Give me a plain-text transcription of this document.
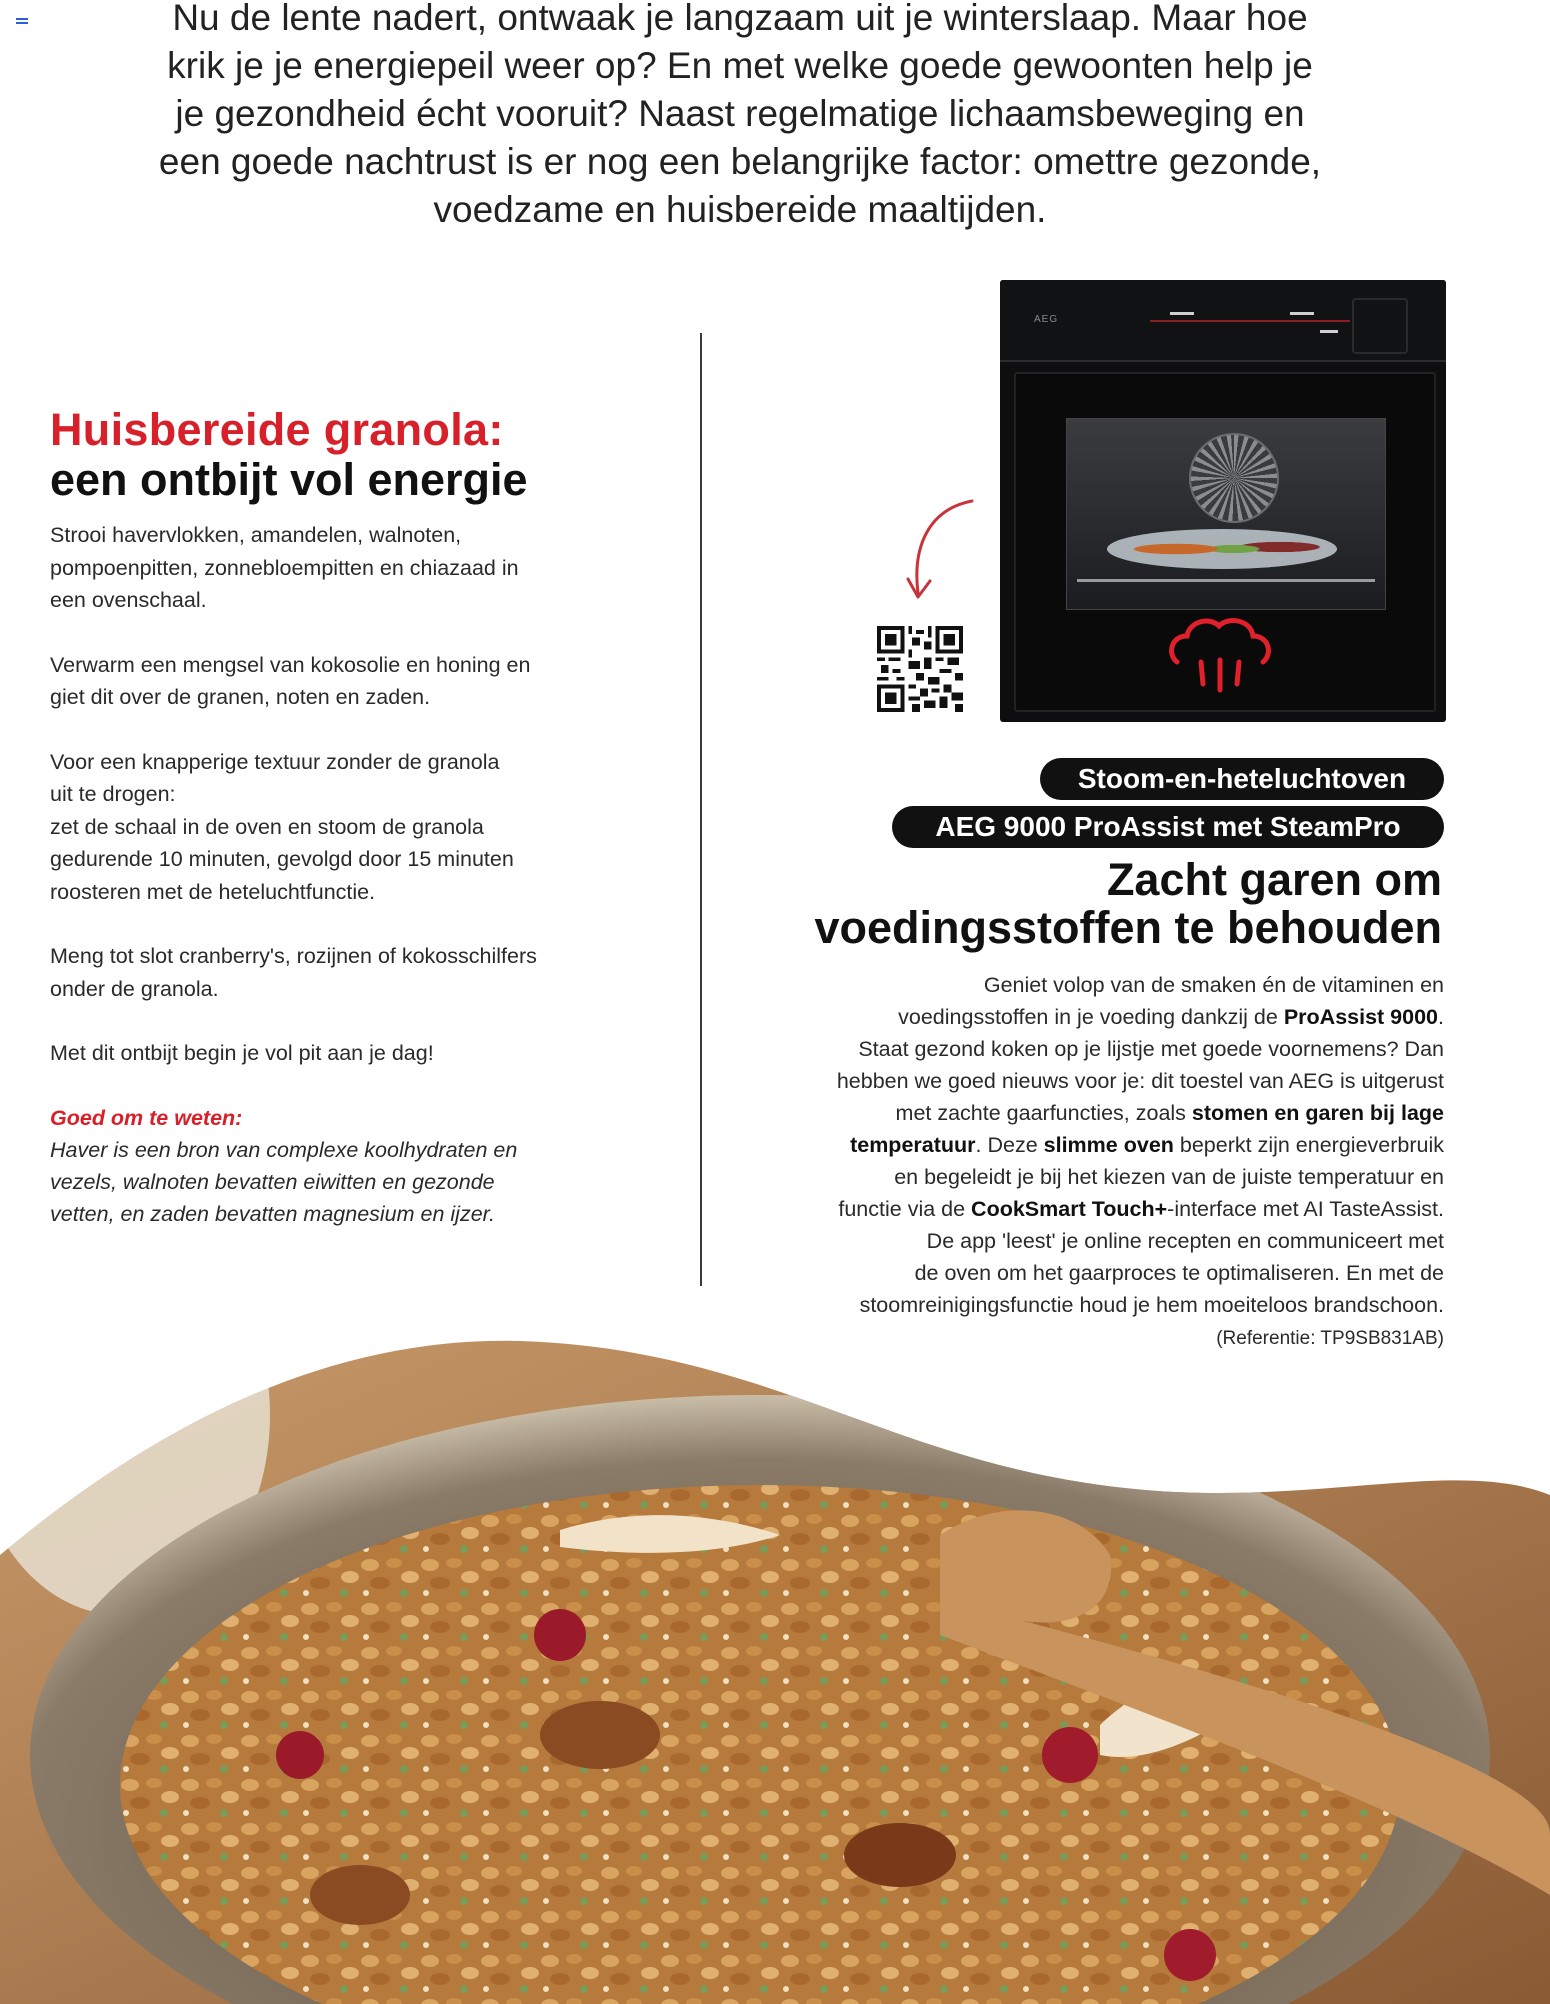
Nu de lente nadert, ontwaak je langzaam uit je winterslaap. Maar hoe
krik je je energiepeil weer op? En met welke goede gewoonten help je
je gezondheid écht vooruit? Naast regelmatige lichaamsbeweging en
een goede nachtrust is er nog een belangrijke factor: omettre gezonde,
voedzame en huisbereide maaltijden.
Huisbereide granola:
een ontbijt vol energie

Strooi havervlokken, amandelen, walnoten,
pompoenpitten, zonnebloempitten en chiazaad in
een ovenschaal.

Verwarm een mengsel van kokosolie en honing en
giet dit over de granen, noten en zaden.

Voor een knapperige textuur zonder de granola
uit te drogen:
zet de schaal in de oven en stoom de granola
gedurende 10 minuten, gevolgd door 15 minuten
roosteren met de heteluchtfunctie.

Meng tot slot cranberry's, rozijnen of kokosschilfers
onder de granola.

Met dit ontbijt begin je vol pit aan je dag!

Goed om te weten:
Haver is een bron van complexe koolhydraten en
vezels, walnoten bevatten eiwitten en gezonde
vetten, en zaden bevatten magnesium en ijzer.
AEG
Stoom-en-heteluchtoven
AEG 9000 ProAssist met SteamPro
Zacht garen om
voedingsstoffen te behouden
Geniet volop van de smaken én de vitaminen en
voedingsstoffen in je voeding dankzij de ProAssist 9000.
Staat gezond koken op je lijstje met goede voornemens? Dan
hebben we goed nieuws voor je: dit toestel van AEG is uitgerust
met zachte gaarfuncties, zoals stomen en garen bij lage
temperatuur. Deze slimme oven beperkt zijn energieverbruik
en begeleidt je bij het kiezen van de juiste temperatuur en
functie via de CookSmart Touch+-interface met AI TasteAssist.
De app 'leest' je online recepten en communiceert met
de oven om het gaarproces te optimaliseren. En met de
stoomreinigingsfunctie houd je hem moeiteloos brandschoon.
(Referentie: TP9SB831AB)
